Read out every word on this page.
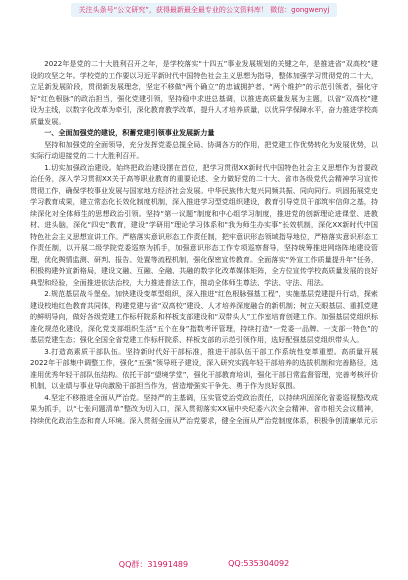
关注头条号“公文研究”，获得最新最全最专业的公文资料库！ 微信：gongwenyj

2022年是党的二十大胜利召开之年，是学校落实“十四五”事业发展规划的关键之年，是推进省“双高校”建设的攻坚之年。学校党的工作要以习近平新时代中国特色社会主义思想为指导，整体加强学习贯彻党的二十大，立足新发展阶段，贯彻新发展理念，坚定不移做“两个确立”的忠诚拥护者、“两个维护”的示范引领者，强化守好“红色根脉”的政治担当，强化党建引领，坚持稳中求进总基调，以推进高质量发展为主题，以省“双高校”建设为主线，以数字化改革为牵引，深化教育教学改革，提升人才培养质量，以优异学保障水平，奋力推进学校高质量发展。

一、全面加强党的建设，积蓄党建引领事业发展新力量

坚持和加强党的全面领导，充分发挥党委总揽全局、协调各方的作用，把党建工作优势转化为发展优势，以实际行动迎接党的二十大胜利召开。

1.切实加强政治建设。始终把政治建设摆在首位，把学习贯彻XX新时代中国特色社会主义思想作为首要政治任务，深入学习贯彻XX关于高等职业教育的重要论述、全力做好党的二十大、省市各级党代会精神学习宣传贯彻工作，确保学校事业发展与国家地方经济社会发展。中华民族伟大复兴同频共振、同向同行。巩固拓展党史学习教育成果，建立常态化长效化制度机制，深入推进学习型党组织建设，教育引导党员干部筑牢信仰之基，持续深化对全体师生的思想政治引领。坚持“第一议题”制度和中心组学习制度，推进党的创新理论进课堂、进教材、进头脑，深化“四史”教育，建设“学研用”理论学习体系和“我为师生办实事”长效机制，深化XX新时代中国特色社会主义思想宣讲工作。严格落实意识形态工作责任制，把牢意识形态领域指导地位，严格落实意识形态工作责任制，以开展二级学院党委巡察为抓手，加强意识形态工作专项巡察督导，坚持统筹推进网络阵地建设管理，优化舆情监测、研判、报告、处置等流程机制，强化保密宣传教育。全面落实“外宣工作质量提升年”任务，积极构建外宣新格局，建设文融、互融、全融、共融的数字化改革媒体矩阵，全方位宣传学校高质量发展的良好典型和经验，全面推进依法治校，大力推进普法工作，推动全体师生尊法、学法、守法、用法。

2.规范基层战斗堡垒。加快建设变革型组织，深入推进“红色根脉强基工程”，实施基层党建提升行动，探索建设校地红色教育共同体，构建党建与省“双高校”建设、人才培养深度融合的新机制；树立天眼基层、重抓党建的鲜明导向，做好各级党建工作标杆院系和样板支部建设和“双带头人”工作室培育创建工作。加强基层党组织标准化规范化建设，深化党支部组织生活“五个在身”指数考评管理，持续打造“一党委一品牌、一支部一特色”的基层党建生态；强化全国全省党建工作标杆院系、样板支部的示范引领作用，选好配强基层党组织带头人。

3.打造高素质干部队伍。坚持新时代好干部标准，推进干部队伍干部工作系统性变革重塑。高质量开展2022年干部集中调整工作，强化“五强”领导班子建设，深入研究实践年轻干部培养的选拔机制和完善路径，选准用优秀年轻干部队伍结构。依托干部“望境学堂”，强化干部教育培训，强化干部日常监督管理，完善考核评价机制，以业绩与事业导向激励干部担当作为，营造增强实干争先、勇于作为良好氛围。

4.坚定不移推进全面从严治党。坚持严的主基调，压实管党治党政治责任，以持续巩固深化省委巡视整改成果为抓手，以“七张问题清单”整改为切入口，深入贯彻落实XX届中央纪委六次全会精神、省市相关会议精神，持续优化政治生态和育人环境。深入贯彻全面从严治党要求，健全全面从严治党制度体系，积极争创清廉单元示

QQ群：31991489	QQ:535304092
